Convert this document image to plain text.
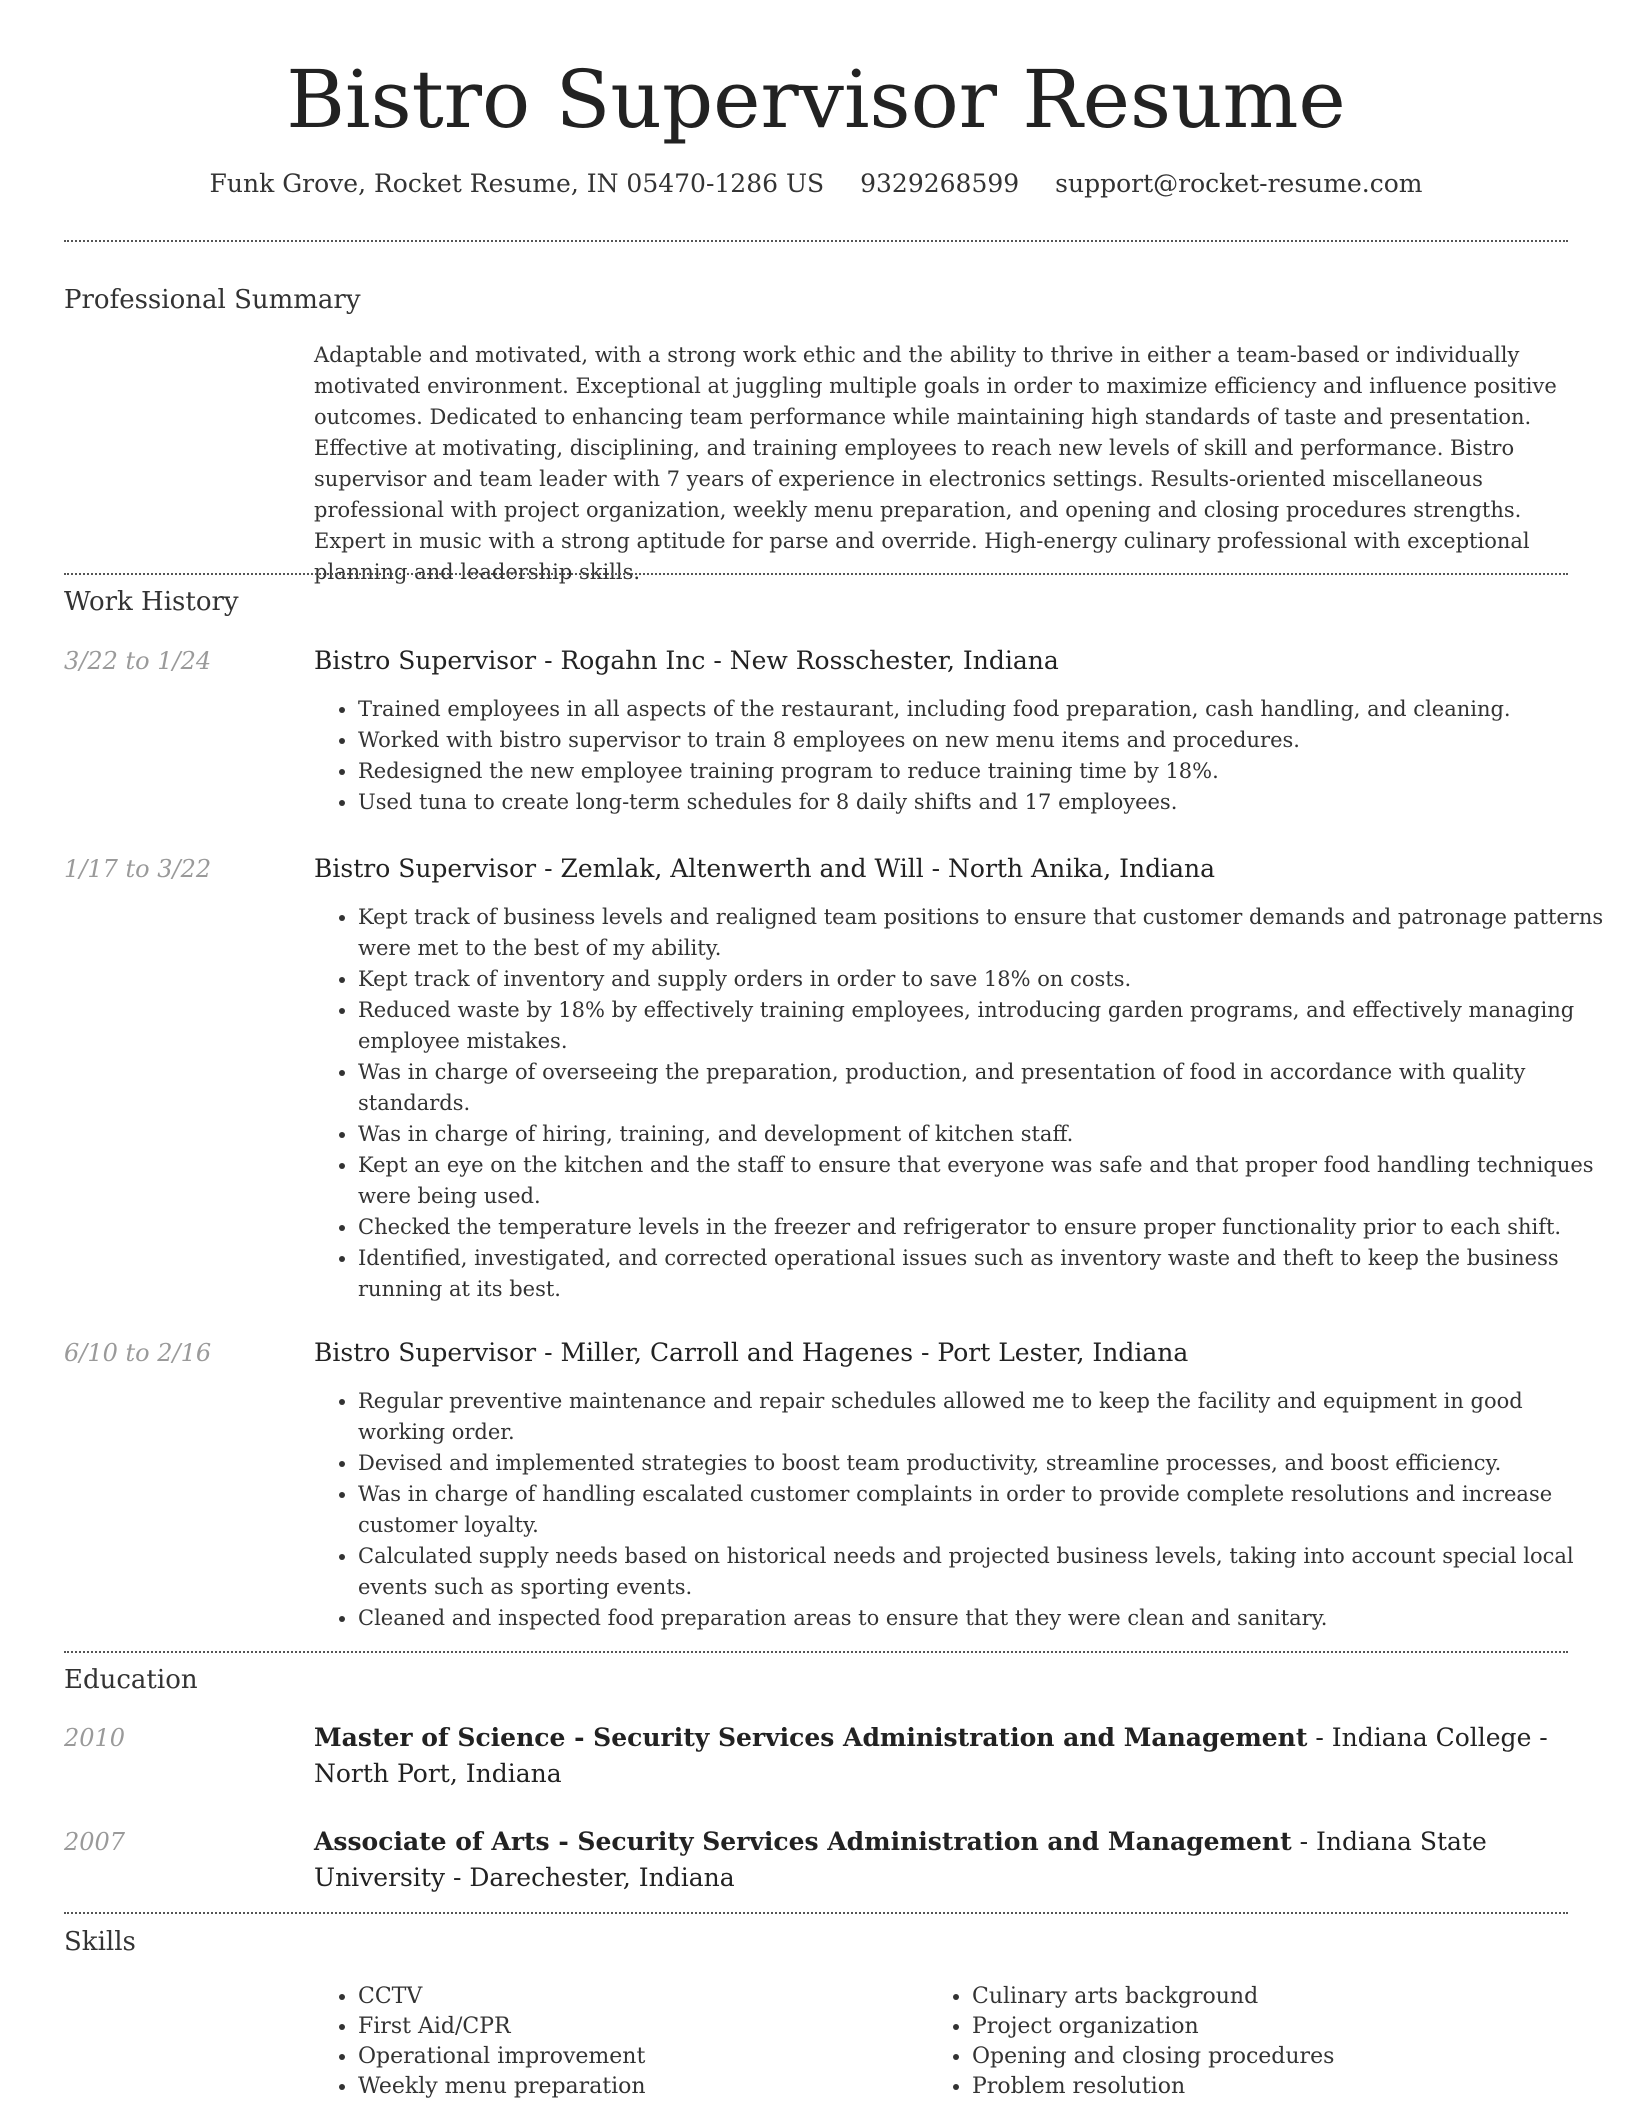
Bistro Supervisor Resume
Funk Grove, Rocket Resume, IN 05470-1286 US 9329268599 support@rocket-resume.com
Professional Summary
Adaptable and motivated, with a strong work ethic and the ability to thrive in either a team-based or individually motivated environment. Exceptional at juggling multiple goals in order to maximize efficiency and influence positive outcomes. Dedicated to enhancing team performance while maintaining high standards of taste and presentation. Effective at motivating, disciplining, and training employees to reach new levels of skill and performance. Bistro supervisor and team leader with 7 years of experience in electronics settings. Results-oriented miscellaneous professional with project organization, weekly menu preparation, and opening and closing procedures strengths. Expert in music with a strong aptitude for parse and override. High-energy culinary professional with exceptional planning and leadership skills.
Work History
3/22 to 1/24	Bistro Supervisor - Rogahn Inc - New Rosschester, Indiana
• Trained employees in all aspects of the restaurant, including food preparation, cash handling, and cleaning.
• Worked with bistro supervisor to train 8 employees on new menu items and procedures.
• Redesigned the new employee training program to reduce training time by 18%.
• Used tuna to create long-term schedules for 8 daily shifts and 17 employees.
1/17 to 3/22	Bistro Supervisor - Zemlak, Altenwerth and Will - North Anika, Indiana
• Kept track of business levels and realigned team positions to ensure that customer demands and patronage patterns were met to the best of my ability.
• Kept track of inventory and supply orders in order to save 18% on costs.
• Reduced waste by 18% by effectively training employees, introducing garden programs, and effectively managing employee mistakes.
• Was in charge of overseeing the preparation, production, and presentation of food in accordance with quality standards.
• Was in charge of hiring, training, and development of kitchen staff.
• Kept an eye on the kitchen and the staff to ensure that everyone was safe and that proper food handling techniques were being used.
• Checked the temperature levels in the freezer and refrigerator to ensure proper functionality prior to each shift.
• Identified, investigated, and corrected operational issues such as inventory waste and theft to keep the business running at its best.
6/10 to 2/16	Bistro Supervisor - Miller, Carroll and Hagenes - Port Lester, Indiana
• Regular preventive maintenance and repair schedules allowed me to keep the facility and equipment in good working order.
• Devised and implemented strategies to boost team productivity, streamline processes, and boost efficiency.
• Was in charge of handling escalated customer complaints in order to provide complete resolutions and increase customer loyalty.
• Calculated supply needs based on historical needs and projected business levels, taking into account special local events such as sporting events.
• Cleaned and inspected food preparation areas to ensure that they were clean and sanitary.
Education
2010	Master of Science - Security Services Administration and Management - Indiana College - North Port, Indiana
2007	Associate of Arts - Security Services Administration and Management - Indiana State University - Darechester, Indiana
Skills
• CCTV
• First Aid/CPR
• Operational improvement
• Weekly menu preparation
• Culinary arts background
• Project organization
• Opening and closing procedures
• Problem resolution
